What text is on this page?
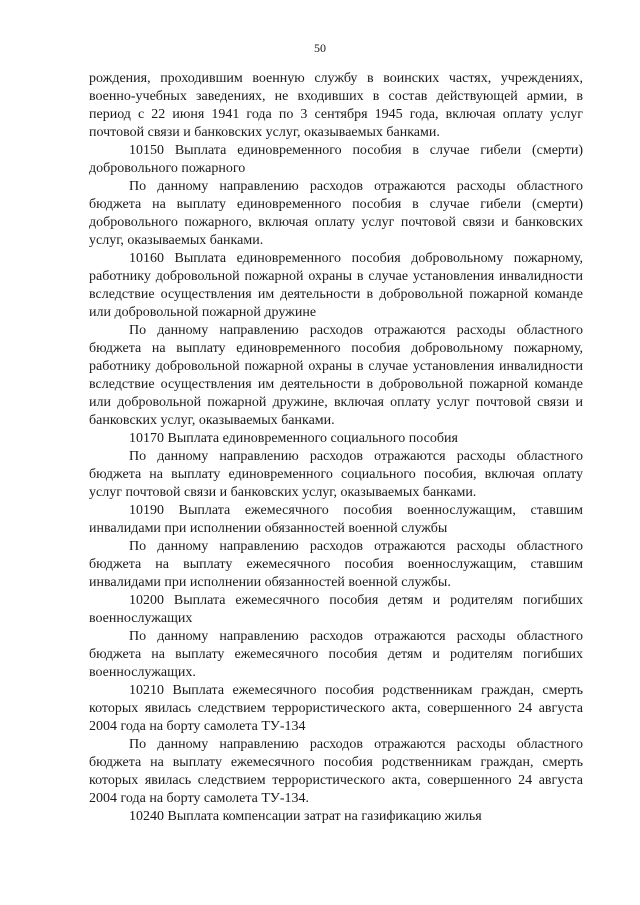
50

рождения, проходившим военную службу в воинских частях, учреждениях, военно-учебных заведениях, не входивших в состав действующей армии, в период с 22 июня 1941 года по 3 сентября 1945 года, включая оплату услуг почтовой связи и банковских услуг, оказываемых банками.

10150 Выплата единовременного пособия в случае гибели (смерти) добровольного пожарного

По данному направлению расходов отражаются расходы областного бюджета на выплату единовременного пособия в случае гибели (смерти) добровольного пожарного, включая оплату услуг почтовой связи и банковских услуг, оказываемых банками.

10160 Выплата единовременного пособия добровольному пожарному, работнику добровольной пожарной охраны в случае установления инвалидности вследствие осуществления им деятельности в добровольной пожарной команде или добровольной пожарной дружине

По данному направлению расходов отражаются расходы областного бюджета на выплату единовременного пособия добровольному пожарному, работнику добровольной пожарной охраны в случае установления инвалидности вследствие осуществления им деятельности в добровольной пожарной команде или добровольной пожарной дружине, включая оплату услуг почтовой связи и банковских услуг, оказываемых банками.

10170 Выплата единовременного социального пособия

По данному направлению расходов отражаются расходы областного бюджета на выплату единовременного социального пособия, включая оплату услуг почтовой связи и банковских услуг, оказываемых банками.

10190 Выплата ежемесячного пособия военнослужащим, ставшим инвалидами при исполнении обязанностей военной службы

По данному направлению расходов отражаются расходы областного бюджета на выплату ежемесячного пособия военнослужащим, ставшим инвалидами при исполнении обязанностей военной службы.

10200 Выплата ежемесячного пособия детям и родителям погибших военнослужащих

По данному направлению расходов отражаются расходы областного бюджета на выплату ежемесячного пособия детям и родителям погибших военнослужащих.

10210 Выплата ежемесячного пособия родственникам граждан, смерть которых явилась следствием террористического акта, совершенного 24 августа 2004 года на борту самолета ТУ-134

По данному направлению расходов отражаются расходы областного бюджета на выплату ежемесячного пособия родственникам граждан, смерть которых явилась следствием террористического акта, совершенного 24 августа 2004 года на борту самолета ТУ-134.

10240 Выплата компенсации затрат на газификацию жилья
